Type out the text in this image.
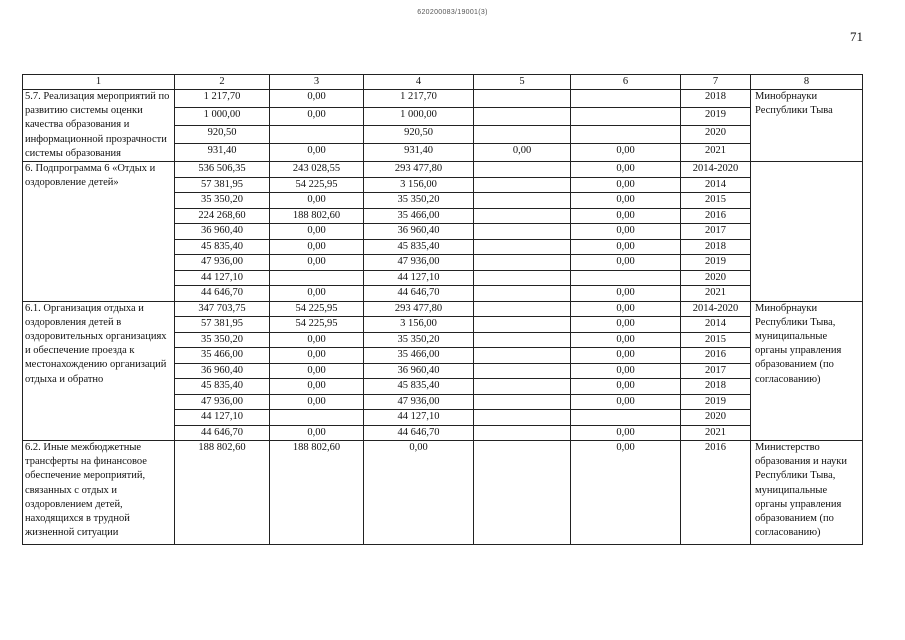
620200083/19001(3)
71
1	2	3	4	5	6	7	8
5.7. Реализация мероприятий по развитию системы оценки качества образования и информационной прозрачности системы образования	1 217,70	0,00	1 217,70			2018	Минобрнауки Республики Тыва
	1 000,00	0,00	1 000,00			2019	
	920,50		920,50			2020	
	931,40	0,00	931,40	0,00	0,00	2021	
6. Подпрограмма 6 «Отдых и оздоровление детей»	536 506,35	243 028,55	293 477,80		0,00	2014-2020	
	57 381,95	54 225,95	3 156,00		0,00	2014	
	35 350,20	0,00	35 350,20		0,00	2015	
	224 268,60	188 802,60	35 466,00		0,00	2016	
	36 960,40	0,00	36 960,40		0,00	2017	
	45 835,40	0,00	45 835,40		0,00	2018	
	47 936,00	0,00	47 936,00		0,00	2019	
	44 127,10		44 127,10			2020	
	44 646,70	0,00	44 646,70		0,00	2021	
6.1. Организация отдыха и оздоровления детей в оздоровительных организациях и обеспечение проезда к местонахождению организаций отдыха и обратно	347 703,75	54 225,95	293 477,80		0,00	2014-2020	Минобрнауки Республики Тыва, муниципальные органы управления образованием (по согласованию)
	57 381,95	54 225,95	3 156,00		0,00	2014	
	35 350,20	0,00	35 350,20		0,00	2015	
	35 466,00	0,00	35 466,00		0,00	2016	
	36 960,40	0,00	36 960,40		0,00	2017	
	45 835,40	0,00	45 835,40		0,00	2018	
	47 936,00	0,00	47 936,00		0,00	2019	
	44 127,10		44 127,10			2020	
	44 646,70	0,00	44 646,70		0,00	2021	
6.2. Иные межбюджетные трансферты на финансовое обеспечение мероприятий, связанных с отдых и оздоровлением детей, находящихся в трудной жизненной ситуации	188 802,60	188 802,60	0,00		0,00	2016	Министерство образования и науки Республики Тыва, муниципальные органы управления образованием (по согласованию)
